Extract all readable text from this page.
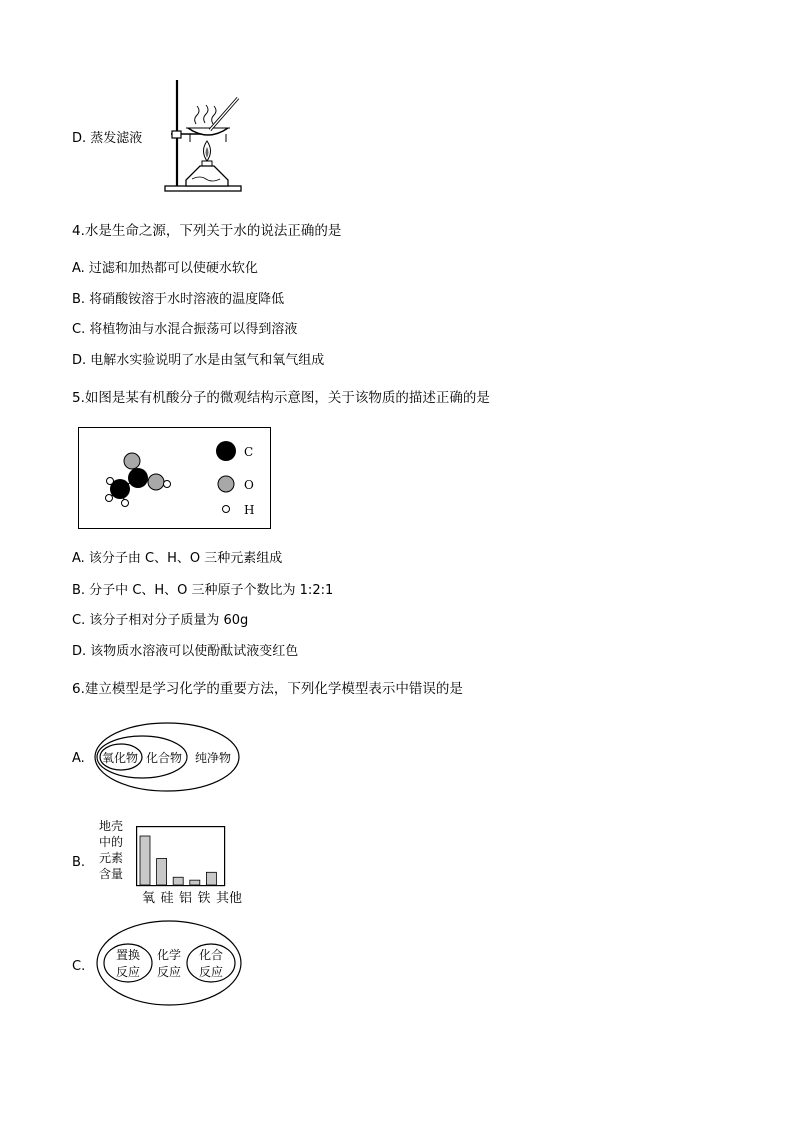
D. 蒸发滤液
4.水是生命之源，下列关于水的说法正确的是
A. 过滤和加热都可以使硬水软化
B. 将硝酸铵溶于水时溶液的温度降低
C. 将植物油与水混合振荡可以得到溶液
D. 电解水实验说明了水是由氢气和氧气组成
5.如图是某有机酸分子的微观结构示意图，关于该物质的描述正确的是
C
O
H
A. 该分子由 C、H、O 三种元素组成
B. 分子中 C、H、O 三种原子个数比为 1:2:1
C. 该分子相对分子质量为 60g
D. 该物质水溶液可以使酚酞试液变红色
6.建立模型是学习化学的重要方法，下列化学模型表示中错误的是
A. 氧化物 化合物 纯净物
B.
地壳
中的
元素
含量
氧 硅 铝 铁 其他
C.
置换
反应
化学
反应
化合
反应
